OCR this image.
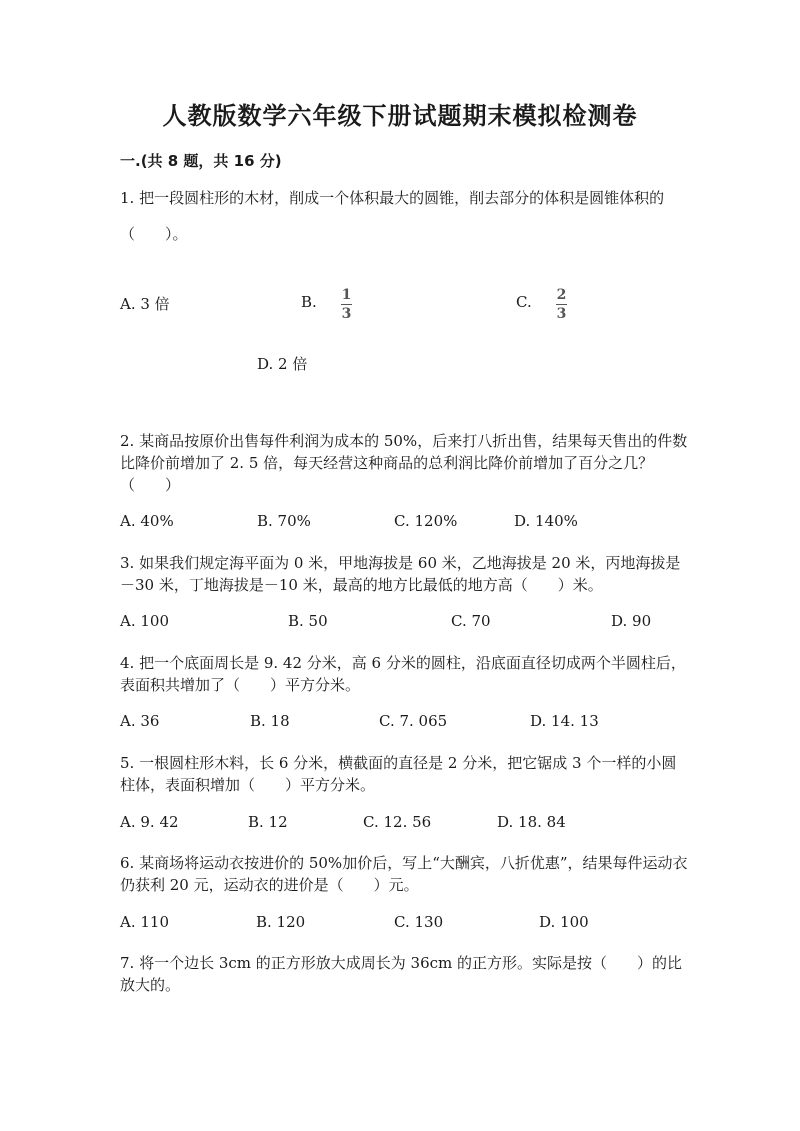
人教版数学六年级下册试题期末模拟检测卷
一.(共 8 题，共 16 分)
1. 把一段圆柱形的木材，削成一个体积最大的圆锥，削去部分的体积是圆锥体积的（　　）。
A. 3 倍	B. 1
3
C. 2
3
D. 2 倍
2. 某商品按原价出售每件利润为成本的 50%，后来打八折出售，结果每天售出的件数比降价前增加了 2. 5 倍，每天经营这种商品的总利润比降价前增加了百分之几？（　　）
A. 40%	B. 70%	C. 120%	D. 140%
3. 如果我们规定海平面为 0 米，甲地海拔是 60 米，乙地海拔是 20 米，丙地海拔是－30 米，丁地海拔是－10 米，最高的地方比最低的地方高（　　）米。
A. 100	B. 50	C. 70	D. 90
4. 把一个底面周长是 9. 42 分米，高 6 分米的圆柱，沿底面直径切成两个半圆柱后，表面积共增加了（　　）平方分米。
A. 36	B. 18	C. 7. 065	D. 14. 13
5. 一根圆柱形木料，长 6 分米，横截面的直径是 2 分米，把它锯成 3 个一样的小圆柱体，表面积增加（　　）平方分米。
A. 9. 42	B. 12	C. 12. 56	D. 18. 84
6. 某商场将运动衣按进价的 50%加价后，写上“大酬宾，八折优惠”，结果每件运动衣仍获利 20 元，运动衣的进价是（　　）元。
A. 110	B. 120	C. 130	D. 100
7. 将一个边长 3cm 的正方形放大成周长为 36cm 的正方形。实际是按（　　）的比放大的。
